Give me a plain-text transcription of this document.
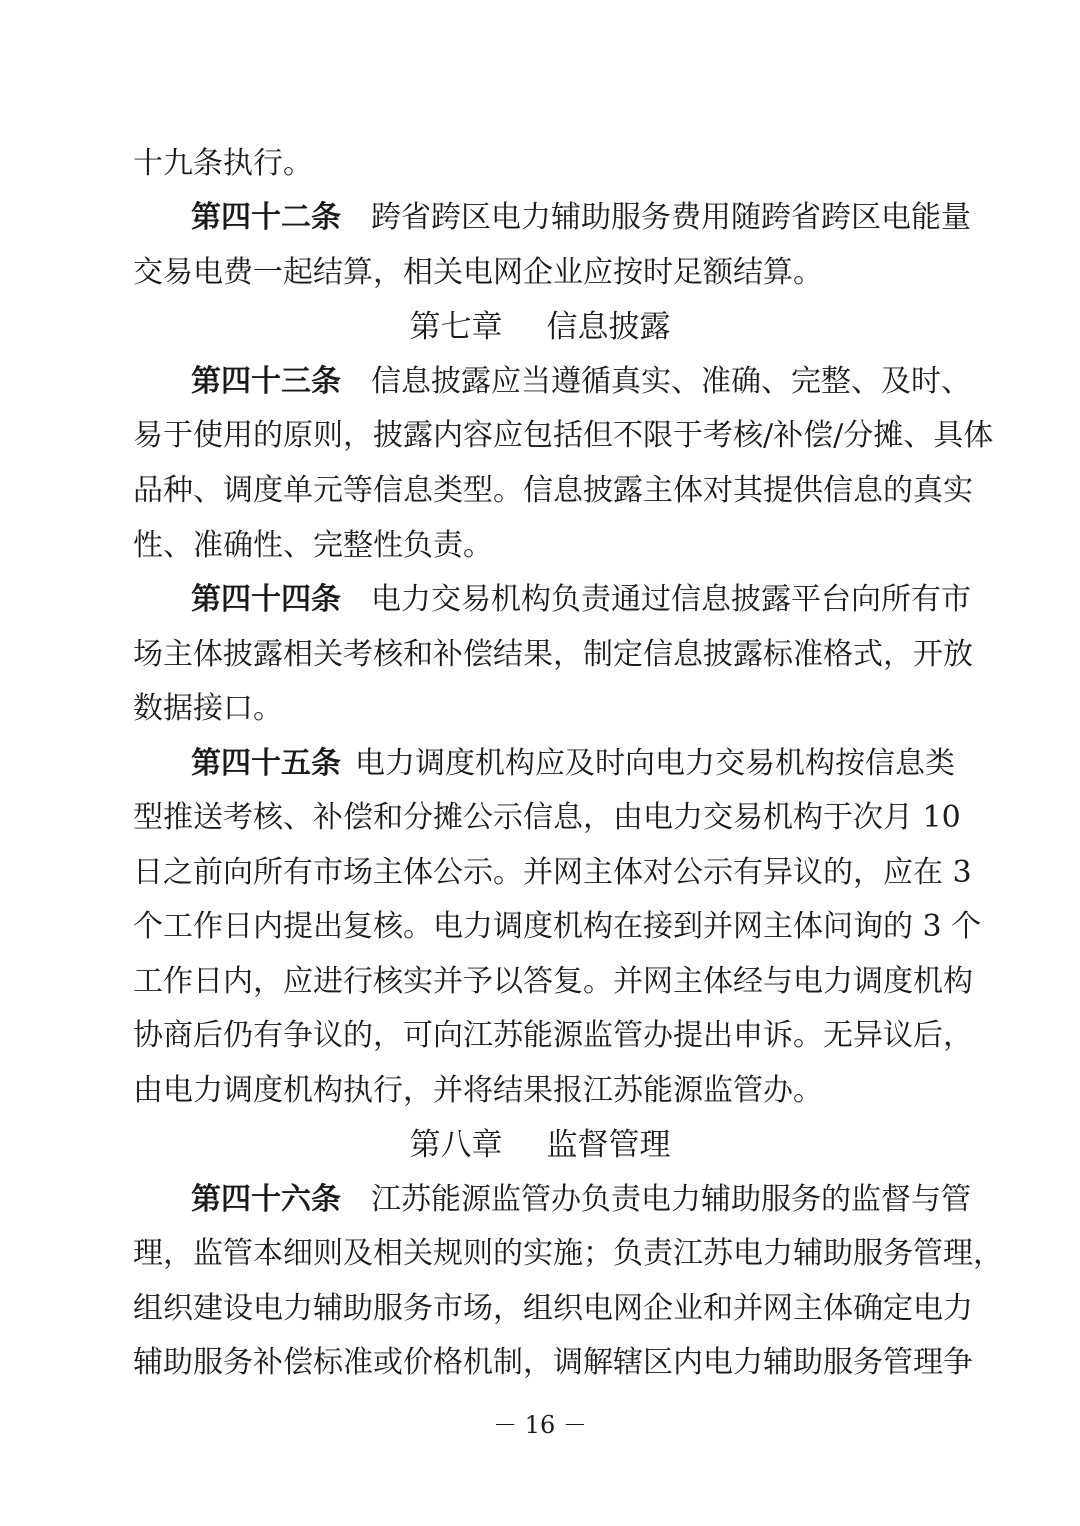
十九条执行。
第四十二条 跨省跨区电力辅助服务费用随跨省跨区电能量
交易电费一起结算，相关电网企业应按时足额结算。
第七章 信息披露
第四十三条 信息披露应当遵循真实、准确、完整、及时、
易于使用的原则，披露内容应包括但不限于考核/补偿/分摊、具体
品种、调度单元等信息类型。信息披露主体对其提供信息的真实
性、准确性、完整性负责。
第四十四条 电力交易机构负责通过信息披露平台向所有市
场主体披露相关考核和补偿结果，制定信息披露标准格式，开放
数据接口。
第四十五条 电力调度机构应及时向电力交易机构按信息类
型推送考核、补偿和分摊公示信息，由电力交易机构于次月 10
日之前向所有市场主体公示。并网主体对公示有异议的，应在 3
个工作日内提出复核。电力调度机构在接到并网主体问询的 3 个
工作日内，应进行核实并予以答复。并网主体经与电力调度机构
协商后仍有争议的，可向江苏能源监管办提出申诉。无异议后，
由电力调度机构执行，并将结果报江苏能源监管办。
第八章 监督管理
第四十六条 江苏能源监管办负责电力辅助服务的监督与管
理，监管本细则及相关规则的实施；负责江苏电力辅助服务管理，
组织建设电力辅助服务市场，组织电网企业和并网主体确定电力
辅助服务补偿标准或价格机制，调解辖区内电力辅助服务管理争
－ 16 －
